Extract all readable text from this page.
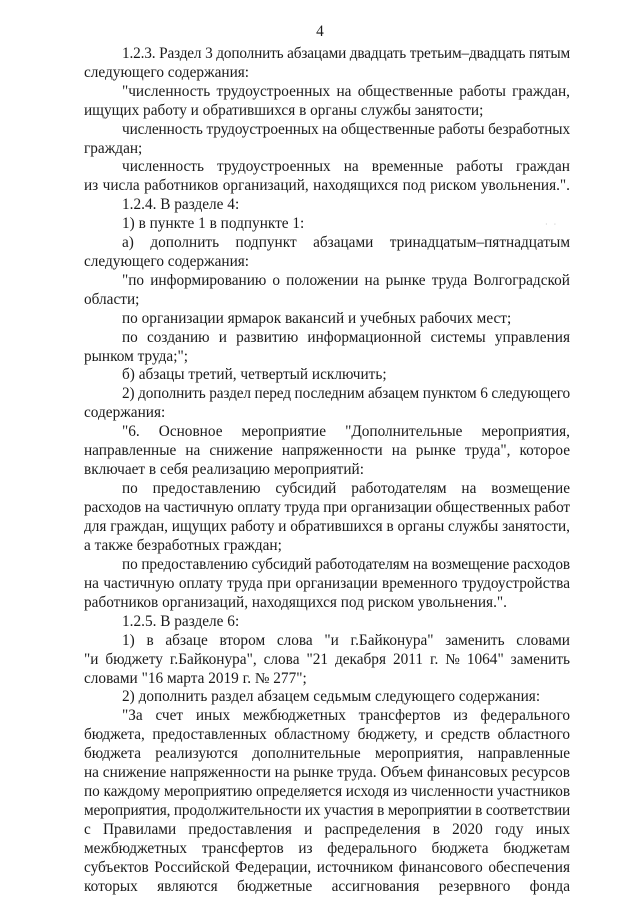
4
1.2.3. Раздел 3 дополнить абзацами двадцать третьим–двадцать пятым
следующего содержания:
"численность трудоустроенных на общественные работы граждан,
ищущих работу и обратившихся в органы службы занятости;
численность трудоустроенных на общественные работы безработных
граждан;
численность трудоустроенных на временные работы граждан
из числа работников организаций, находящихся под риском увольнения.".
1.2.4. В разделе 4:
1) в пункте 1 в подпункте 1:
а) дополнить подпункт абзацами тринадцатым–пятнадцатым
следующего содержания:
"по информированию о положении на рынке труда Волгоградской
области;
по организации ярмарок вакансий и учебных рабочих мест;
по созданию и развитию информационной системы управления
рынком труда;";
б) абзацы третий, четвертый исключить;
2) дополнить раздел перед последним абзацем пунктом 6 следующего
содержания:
"6. Основное мероприятие "Дополнительные мероприятия,
направленные на снижение напряженности на рынке труда", которое
включает в себя реализацию мероприятий:
по предоставлению субсидий работодателям на возмещение
расходов на частичную оплату труда при организации общественных работ
для граждан, ищущих работу и обратившихся в органы службы занятости,
а также безработных граждан;
по предоставлению субсидий работодателям на возмещение расходов
на частичную оплату труда при организации временного трудоустройства
работников организаций, находящихся под риском увольнения.".
1.2.5. В разделе 6:
1) в абзаце втором слова "и г.Байконура" заменить словами
"и бюджету г.Байконура", слова "21 декабря 2011 г. № 1064" заменить
словами "16 марта 2019 г. № 277";
2) дополнить раздел абзацем седьмым следующего содержания:
"За счет иных межбюджетных трансфертов из федерального
бюджета, предоставленных областному бюджету, и средств областного
бюджета реализуются дополнительные мероприятия, направленные
на снижение напряженности на рынке труда. Объем финансовых ресурсов
по каждому мероприятию определяется исходя из численности участников
мероприятия, продолжительности их участия в мероприятии в соответствии
с Правилами предоставления и распределения в 2020 году иных
межбюджетных трансфертов из федерального бюджета бюджетам
субъектов Российской Федерации, источником финансового обеспечения
которых являются бюджетные ассигнования резервного фонда
· ‧
